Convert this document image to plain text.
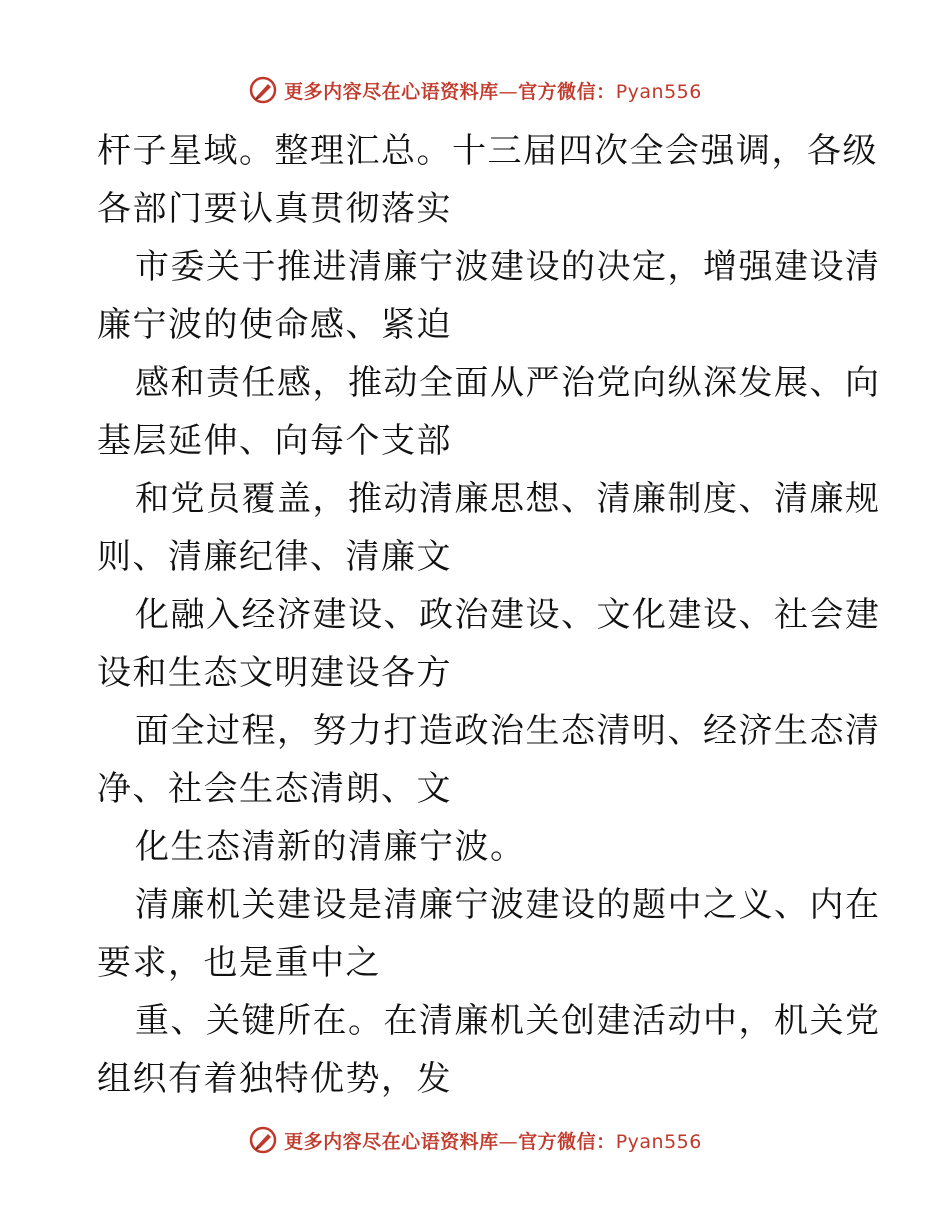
更多内容尽在心语资料库—官方微信：Pyan556

杆子星域。整理汇总。十三届四次全会强调，各级
各部门要认真贯彻落实

市委关于推进清廉宁波建设的决定，增强建设清
廉宁波的使命感、紧迫

感和责任感，推动全面从严治党向纵深发展、向
基层延伸、向每个支部

和党员覆盖，推动清廉思想、清廉制度、清廉规
则、清廉纪律、清廉文

化融入经济建设、政治建设、文化建设、社会建
设和生态文明建设各方

面全过程，努力打造政治生态清明、经济生态清
净、社会生态清朗、文

化生态清新的清廉宁波。

清廉机关建设是清廉宁波建设的题中之义、内在
要求，也是重中之

重、关键所在。在清廉机关创建活动中，机关党
组织有着独特优势，发

更多内容尽在心语资料库—官方微信：Pyan556
